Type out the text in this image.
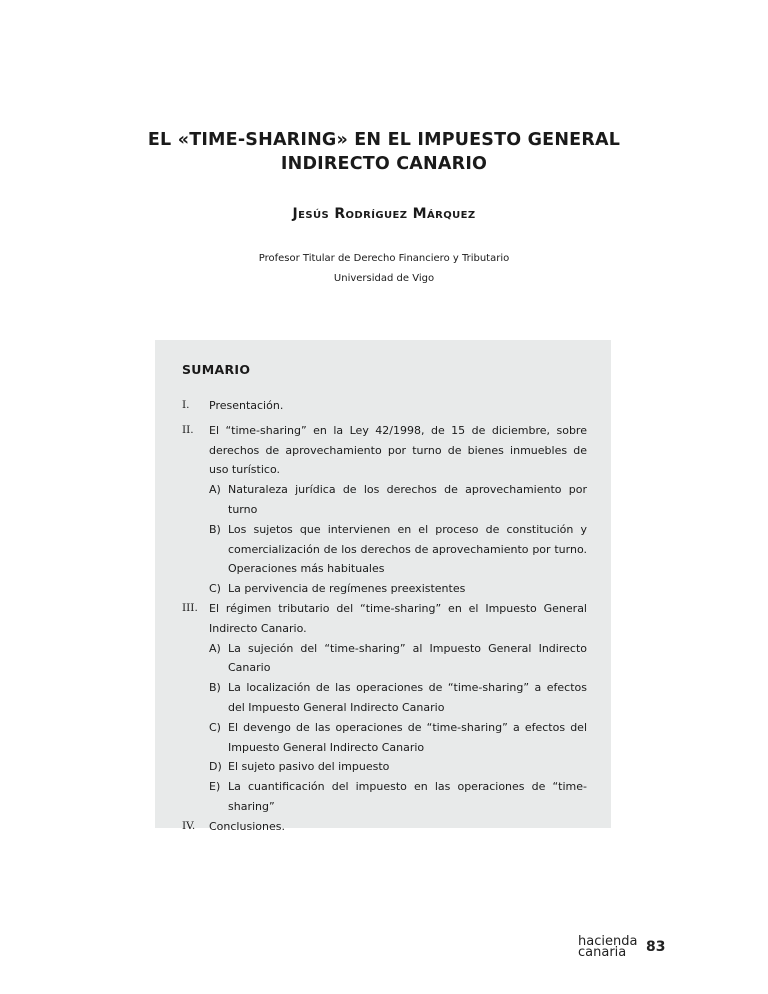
EL «TIME-SHARING» EN EL IMPUESTO GENERAL
INDIRECTO CANARIO
Jesús Rodríguez Márquez
Profesor Titular de Derecho Financiero y Tributario
Universidad de Vigo
SUMARIO
I. Presentación.
II. El “time-sharing” en la Ley 42/1998, de 15 de diciembre, sobre derechos de aprovechamiento por turno de bienes inmuebles de uso turístico.
A) Naturaleza jurídica de los derechos de aprovechamiento por turno
B) Los sujetos que intervienen en el proceso de constitución y comercialización de los derechos de aprovechamiento por turno. Operaciones más habituales
C) La pervivencia de regímenes preexistentes
III. El régimen tributario del “time-sharing” en el Impuesto General Indirecto Canario.
A) La sujeción del “time-sharing” al Impuesto General Indirecto Canario
B) La localización de las operaciones de “time-sharing” a efectos del Impuesto General Indirecto Canario
C) El devengo de las operaciones de “time-sharing” a efectos del Impuesto General Indirecto Canario
D) El sujeto pasivo del impuesto
E) La cuantificación del impuesto en las operaciones de “time-sharing”
IV. Conclusiones.
hacienda
canaria	83
